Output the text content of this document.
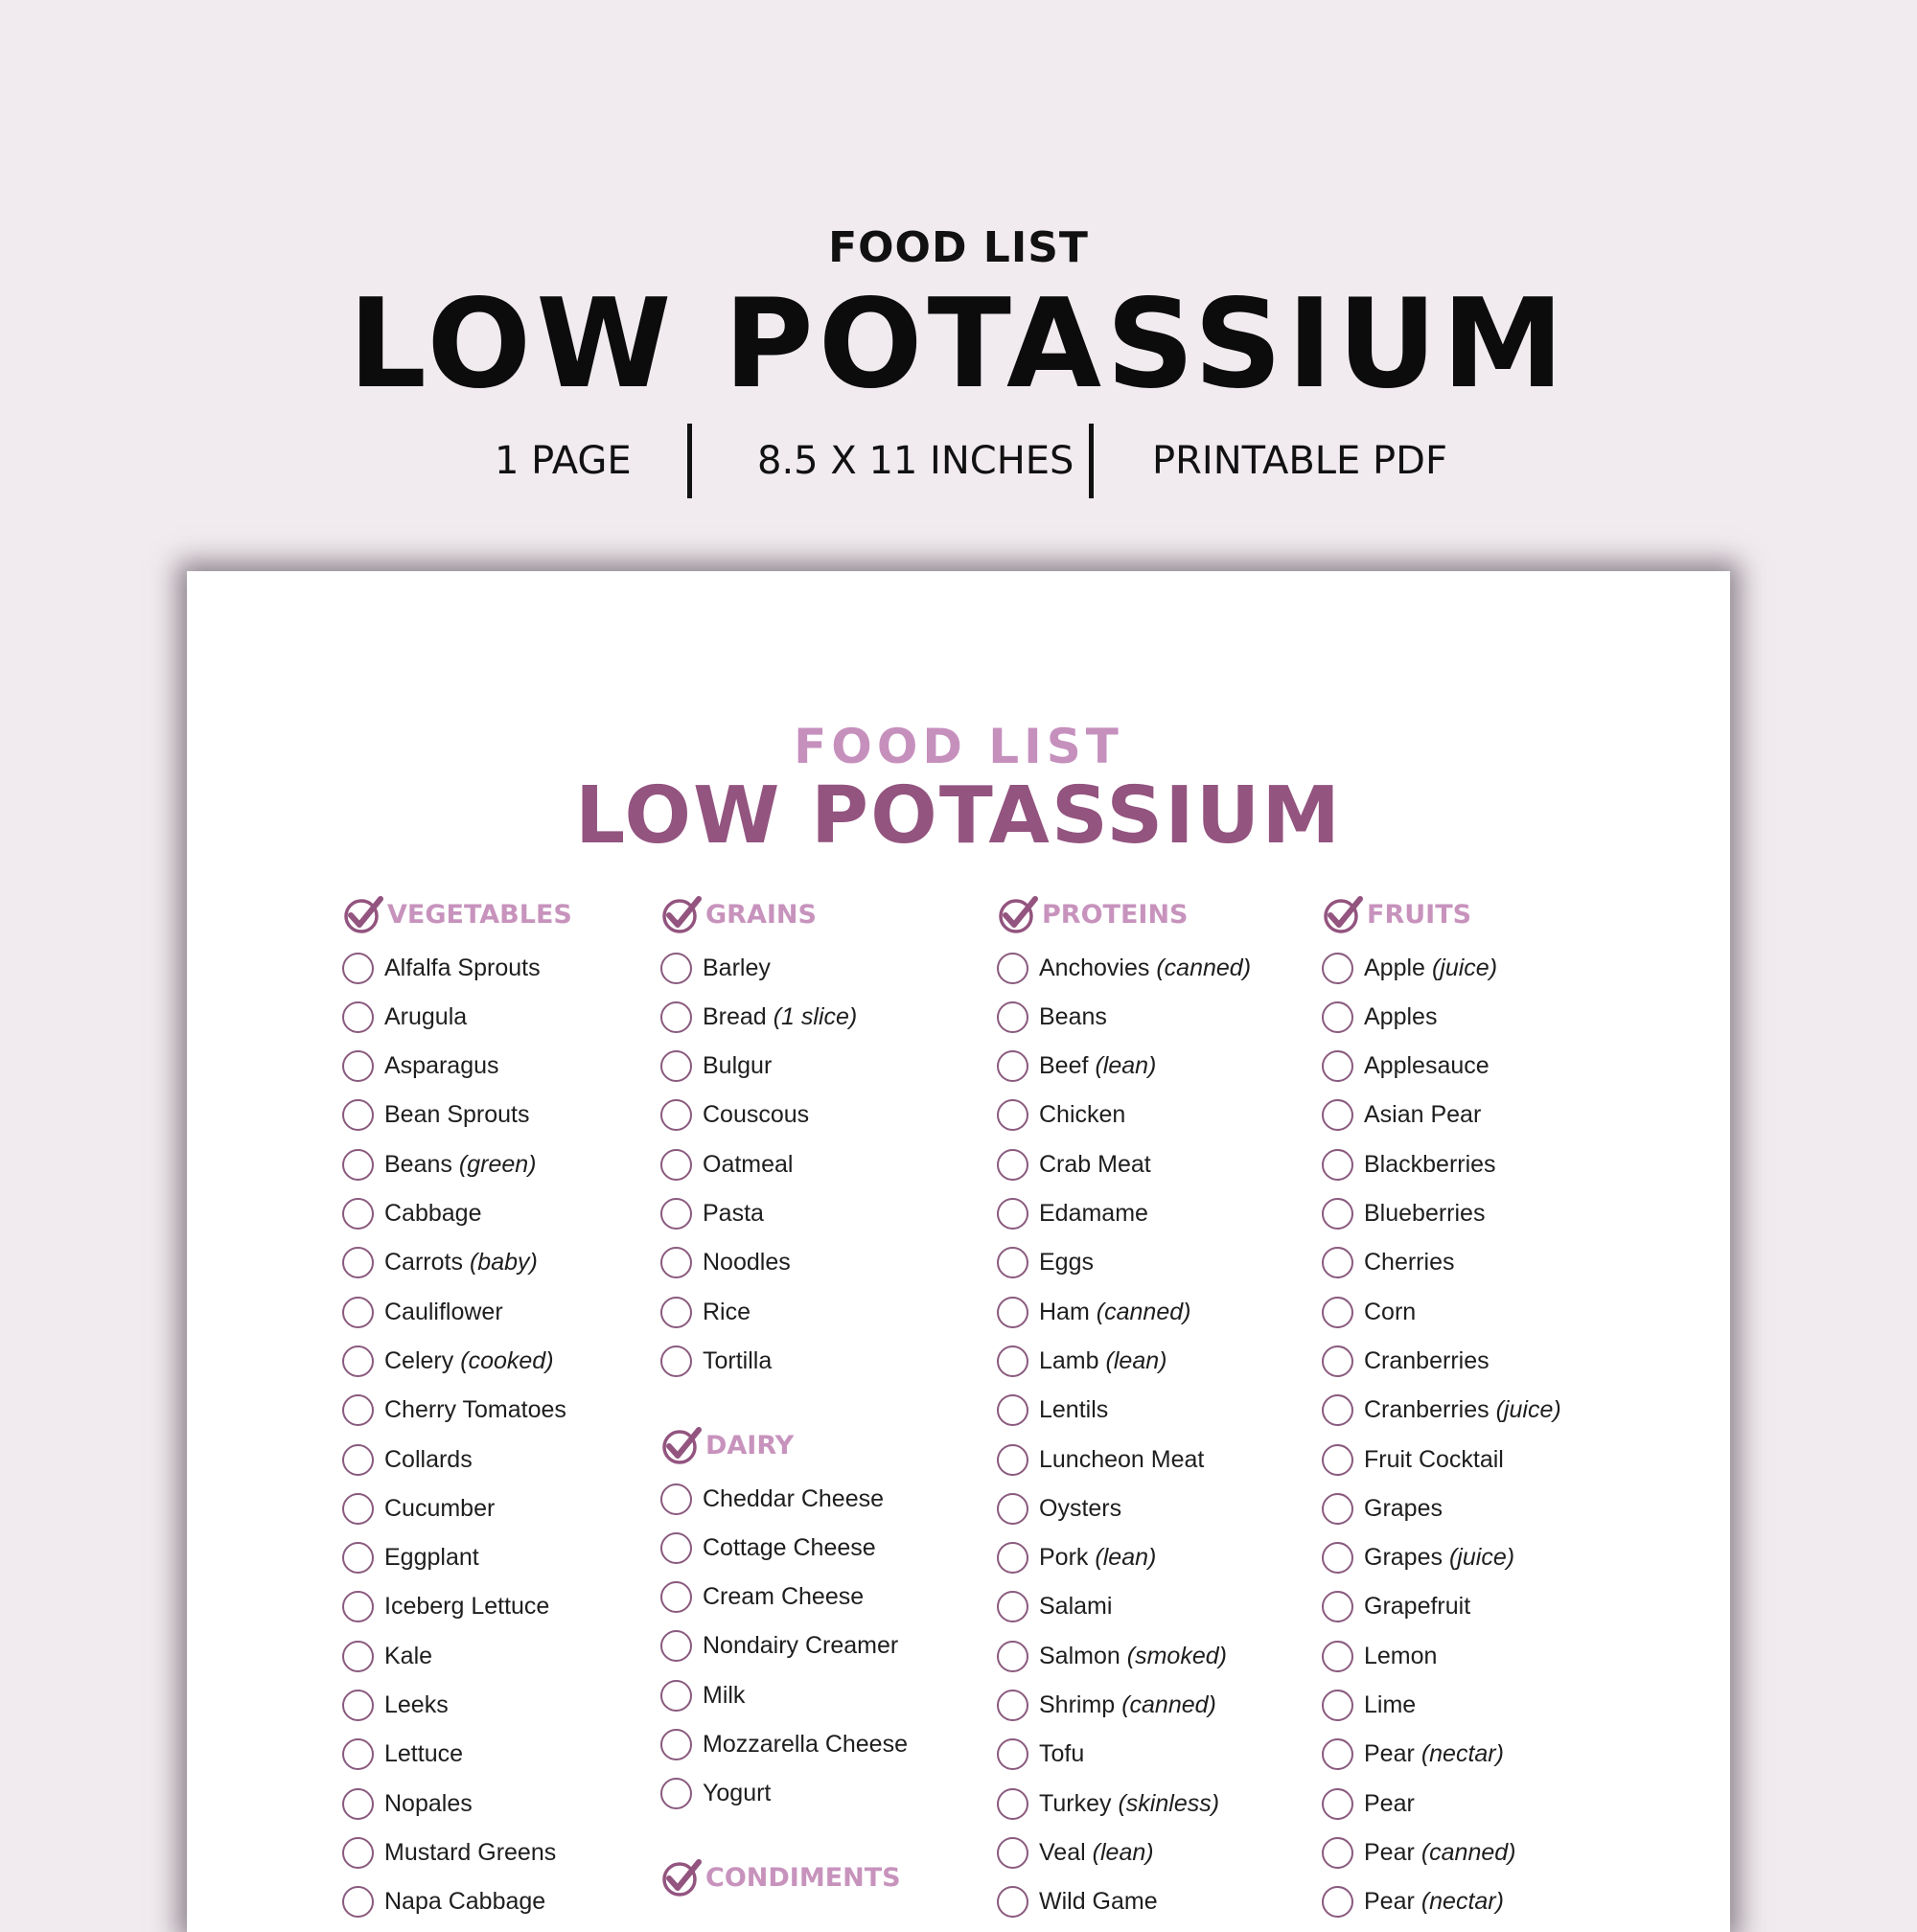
FOOD LIST
LOW POTASSIUM
1 PAGE	8.5 X 11 INCHES PRINTABLE PDF
FOOD LIST
LOW POTASSIUM
VEGETABLES
Alfalfa Sprouts
Arugula
Asparagus
Bean Sprouts
Beans (green)
Cabbage
Carrots (baby)
Cauliflower
Celery (cooked)
Cherry Tomatoes
Collards
Cucumber
Eggplant
Iceberg Lettuce
Kale
Leeks
Lettuce
Nopales
Mustard Greens
Napa Cabbage
GRAINS
Barley
Bread (1 slice)
Bulgur
Couscous
Oatmeal
Pasta
Noodles
Rice
Tortilla
DAIRY
Cheddar Cheese
Cottage Cheese
Cream Cheese
Nondairy Creamer
Milk
Mozzarella Cheese
Yogurt
CONDIMENTS
PROTEINS
Anchovies (canned)
Beans
Beef (lean)
Chicken
Crab Meat
Edamame
Eggs
Ham (canned)
Lamb (lean)
Lentils
Luncheon Meat
Oysters
Pork (lean)
Salami
Salmon (smoked)
Shrimp (canned)
Tofu
Turkey (skinless)
Veal (lean)
Wild Game
FRUITS
Apple (juice)
Apples
Applesauce
Asian Pear
Blackberries
Blueberries
Cherries
Corn
Cranberries
Cranberries (juice)
Fruit Cocktail
Grapes
Grapes (juice)
Grapefruit
Lemon
Lime
Pear (nectar)
Pear
Pear (canned)
Pear (nectar)
